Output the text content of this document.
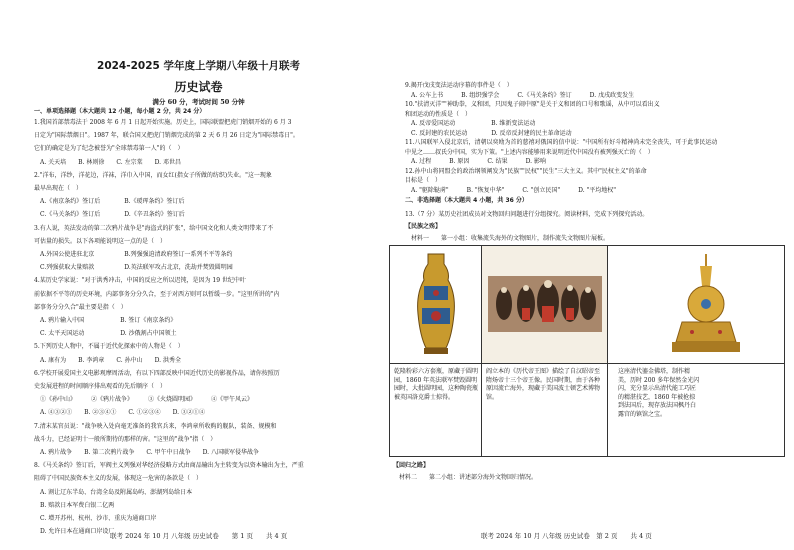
2024-2025 学年度上学期八年级十月联考
历史试卷
满分 60 分，考试时间 50 分钟
一、单项选择题（本大题共 12 小题，每小题 2 分，共 24 分）
1.我国首部禁毒法于 2008 年 6 月 1 日起开始实施。历史上，国际联盟把虎门销烟开始的 6 月 3
日定为"国际禁烟日"。1987 年，联合国又把虎门销烟完成的第 2 天 6 月 26 日定为"国际禁毒日"。
它们的确定是为了纪念被誉为"全球禁毒第一人"的（　）
　A. 关天培　　B. 林则徐　　C. 左宗棠　　D. 邓世昌
2."洋布，洋纱，洋花边，洋袜，洋巾入中国，而女红(指女子所做的纺织)失业。"这一现象
最早出现在（　）
　A.《南京条约》签订后　　　　B.《瑷珲条约》签订后
　C.《马关条约》签订后　　　　D.《辛丑条约》签订后
3.有人说，英法发动的第二次鸦片战争是"海盗式的扩张"，给中国文化和人类文明带来了不
可估量的损失。以下各项能说明这一点的是（　）
　A.外国公使进驻北京　　　　　B.列强强迫清政府签订一系列不平等条约
　C.列强获取大量赔款　　　　　D.英法联军攻占北京，洗劫并焚毁圆明园
4.某历史学家说："对于洪秀冲击，中国的反应之所以迟钝，是因为 19 世纪中叶
前依据不平等的历史环境，内部事务分分久合，至于对西方则可以暂缓一步。"这里所讲的"内
部事务分分久合"最主要是指（　）
　A. 鸦片输入中国　　　　　　B. 签订《南京条约》
　C. 太平天国运动　　　　　　D. 沙俄割占中国领土
5.下列历史人物中，不属于近代化探索中的人物是（　）
　A. 康有为　　B. 李鸿章　　C. 孙中山　　D. 洪秀全
6.学校开展爱国主义电影观摩周活动，有以下四部反映中国近代历史的影视作品，请你按照历
史发展进程的时间顺序排出观看的先后顺序（　）
　①《孙中山》　　　②《鸦片战争》　　　③《火烧圆明园》　　　④《甲午风云》
　A. ④③②①　　B. ②③④①　　C. ①②③④　　D. ③②①④
7.清末某官员说："战争映入处向毫无准备的我官兵来，李鸿章所收购的舰队，装备、规模和
战斗力，已经证明十一般所期待的那样的害。"这里的"战争"指（　）
　A. 鸦片战争　　B. 第二次鸦片战争　　C. 甲午中日战争　　D. 八国联军侵华战争
8.《马关条约》签订后，军阀主义列强对华经济侵略方式由商品输出为主转变为以资本输出为主，严重
阻碍了中国民族资本主义的发展，体现这一危害的条款是（　）
　A. 割让辽东半岛、台湾全岛及附属岛屿、澎湖列岛给日本
　B. 赔款日本军费白银二亿两
　C. 增开苏州、杭州、沙市、重庆为通商口岸
　D. 允许日本在通商口岸设厂
联考 2024 年 10 月 八年级 历史试卷　　第 1 页　　共 4 页
9.揭开戊戌变法运动序幕的事件是（　）
　A. 公车上书　　　B. 组织强学会　　　C.《马关条约》签订　　　D. 戊戌政变发生
10."扶清灭洋""神助拳，义和团，只因鬼子闹中原"是关于义和团的口号和歌谣，从中可以看出义
和团运动的性质是（　）
　A. 反帝爱国运动　　　　　　B. 维新变法运动
　C. 反封建的农民运动　　　　D. 反帝反封建的民主革命运动
11.八国联军入侵北京后，清朝以奕劻为首的慈禧对俄国的信中说："中国所有好斗精神尚未完全丧失，可于此事民运动
中见之……叔氏分中国，实为下策。"上述内容能够用来说明近代中国没有被列强灭亡的（　）
　A. 过程　　　B. 原因　　　C. 结果　　　D. 影响
12.孙中山将同盟会的政治纲领阐发为"民族""民权""民生"三大主义。其中"民权主义"的革命
目标是（　）
　A. "驱除鞑虏"　　　B. "恢复中华"　　　C. "创立民国"　　　D. "平均地权"
二、非选择题（本大题共 4 小题，共 36 分）
13.（7 分）某历史社团成员对文物回归问题进行分组探究。阅读材料，完成下列探究活动。
【民族之殇】
材料一　　第一小组：收集流失海外的文物图片，制作流失文物图片展板。
乾隆粉彩六方套瓶，原藏于圆明园，1860 年英法联军焚毁圆明园时，大批圆明园，这种陶瓷瓶被英国洛克爵士掠得。
阎立本的《历代帝王图》描绘了自汉昭帝至隋炀帝十三个帝王像。民国时期，由于各种原因流亡海外，现藏于美国波士顿艺术博物馆。
这座清代鎏金佛塔，制作精美，历时 200 多年保然金光闪闪，充分显示出清代能工巧匠的精湛技艺，1860 年被抢掠到法国后，现存放法国枫丹白露宫的镇馆之宝。
【回归之路】
材料二　　第二小组：讲述部分海外文物回归情况。
联考 2024 年 10 月 八年级 历史试卷　第 2 页　　共 4 页
